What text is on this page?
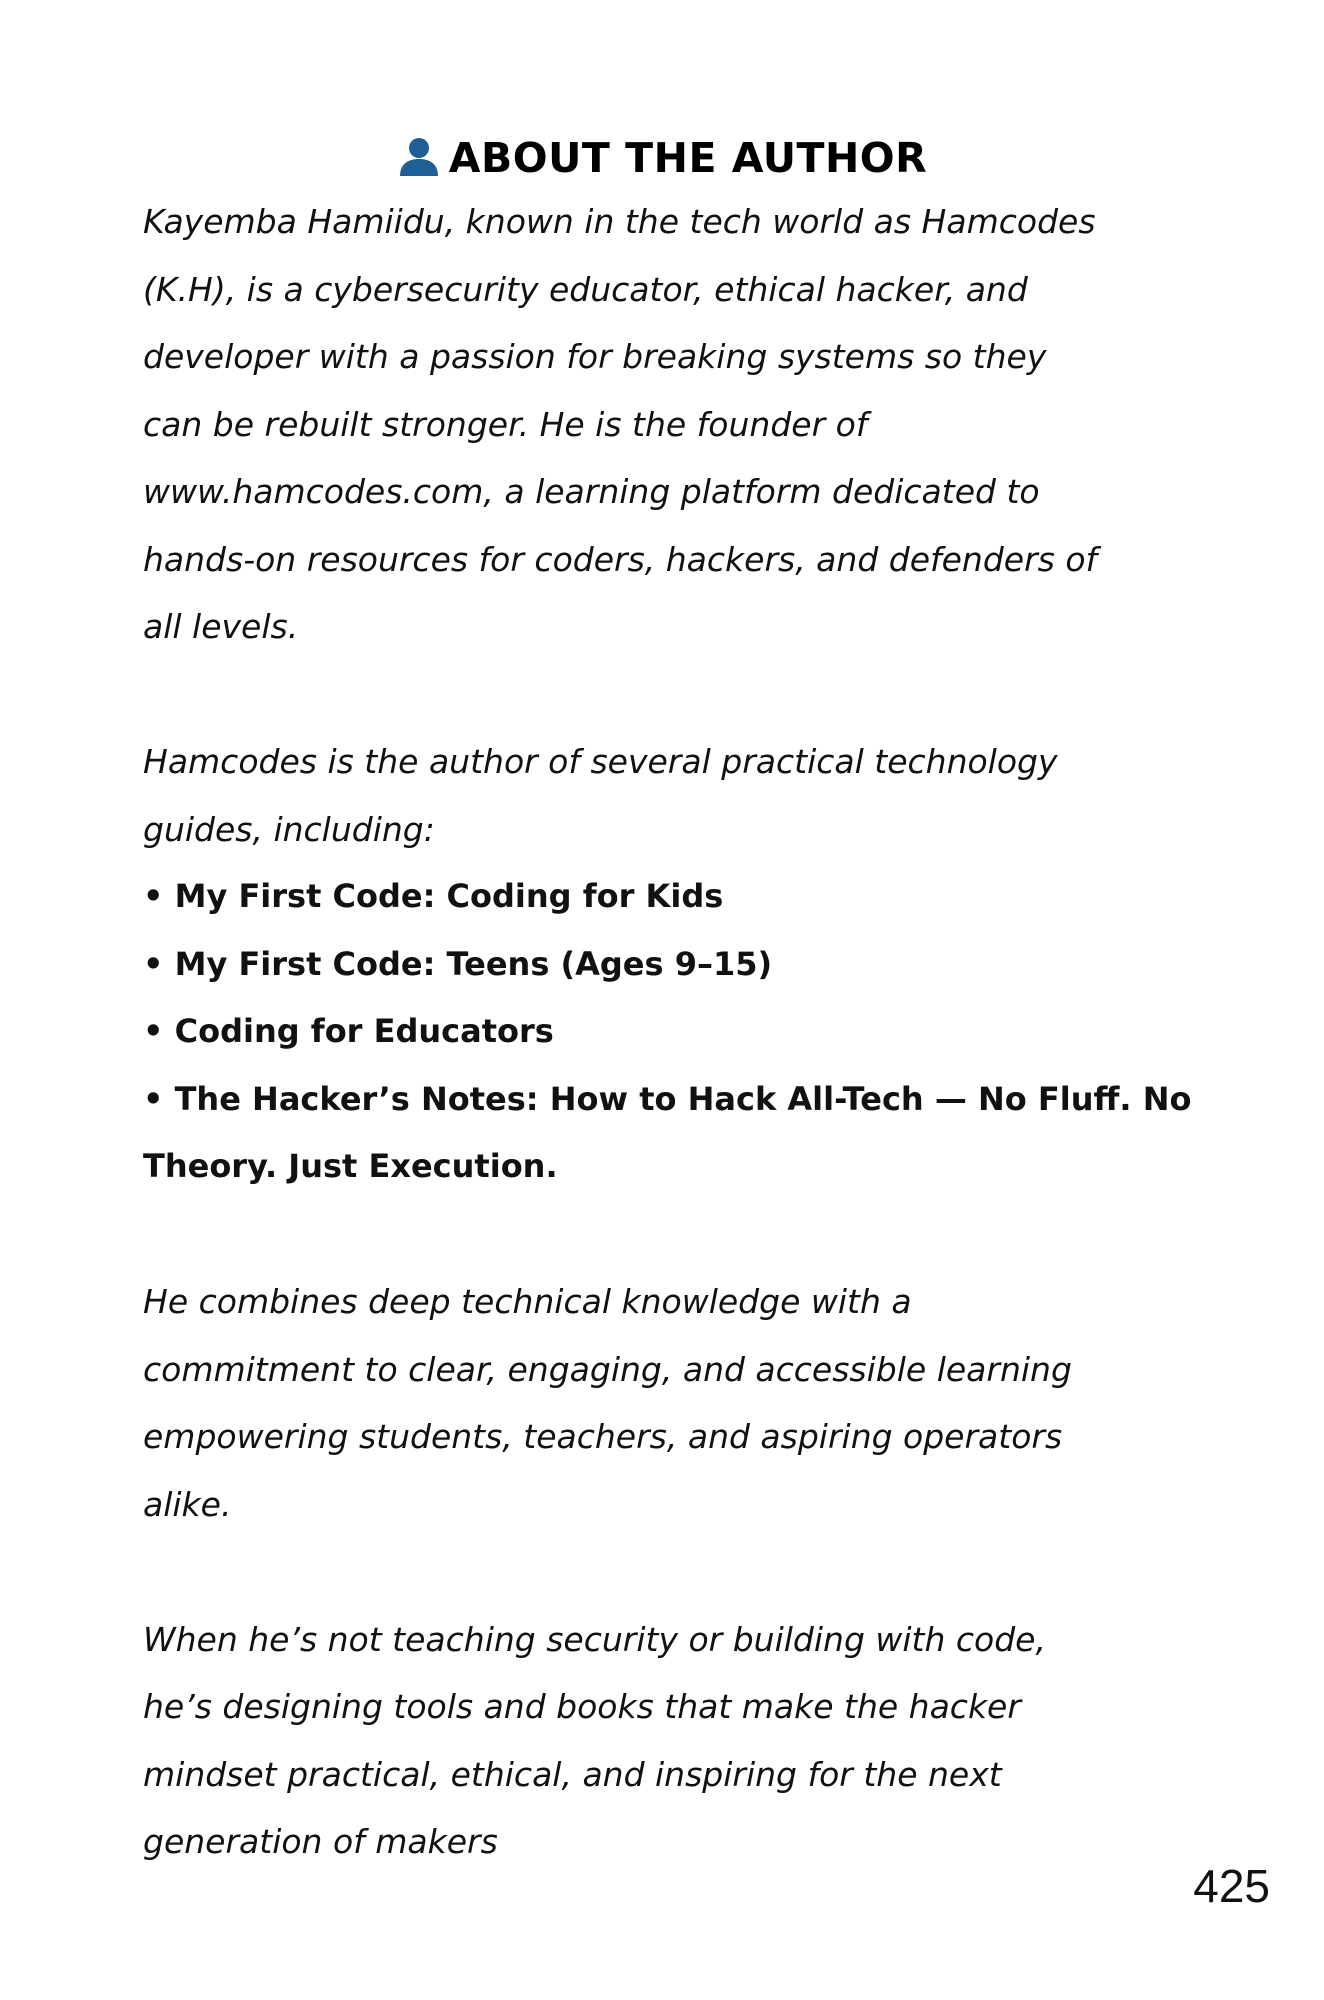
ABOUT THE AUTHOR
Kayemba Hamiidu, known in the tech world as Hamcodes
(K.H), is a cybersecurity educator, ethical hacker, and
developer with a passion for breaking systems so they
can be rebuilt stronger. He is the founder of
www.hamcodes.com, a learning platform dedicated to
hands-on resources for coders, hackers, and defenders of
all levels.
Hamcodes is the author of several practical technology
guides, including:
• My First Code: Coding for Kids
• My First Code: Teens (Ages 9–15)
• Coding for Educators
• The Hacker’s Notes: How to Hack All-Tech — No Fluff. No
Theory. Just Execution.
He combines deep technical knowledge with a
commitment to clear, engaging, and accessible learning
empowering students, teachers, and aspiring operators
alike.
When he’s not teaching security or building with code,
he’s designing tools and books that make the hacker
mindset practical, ethical, and inspiring for the next
generation of makers
425
